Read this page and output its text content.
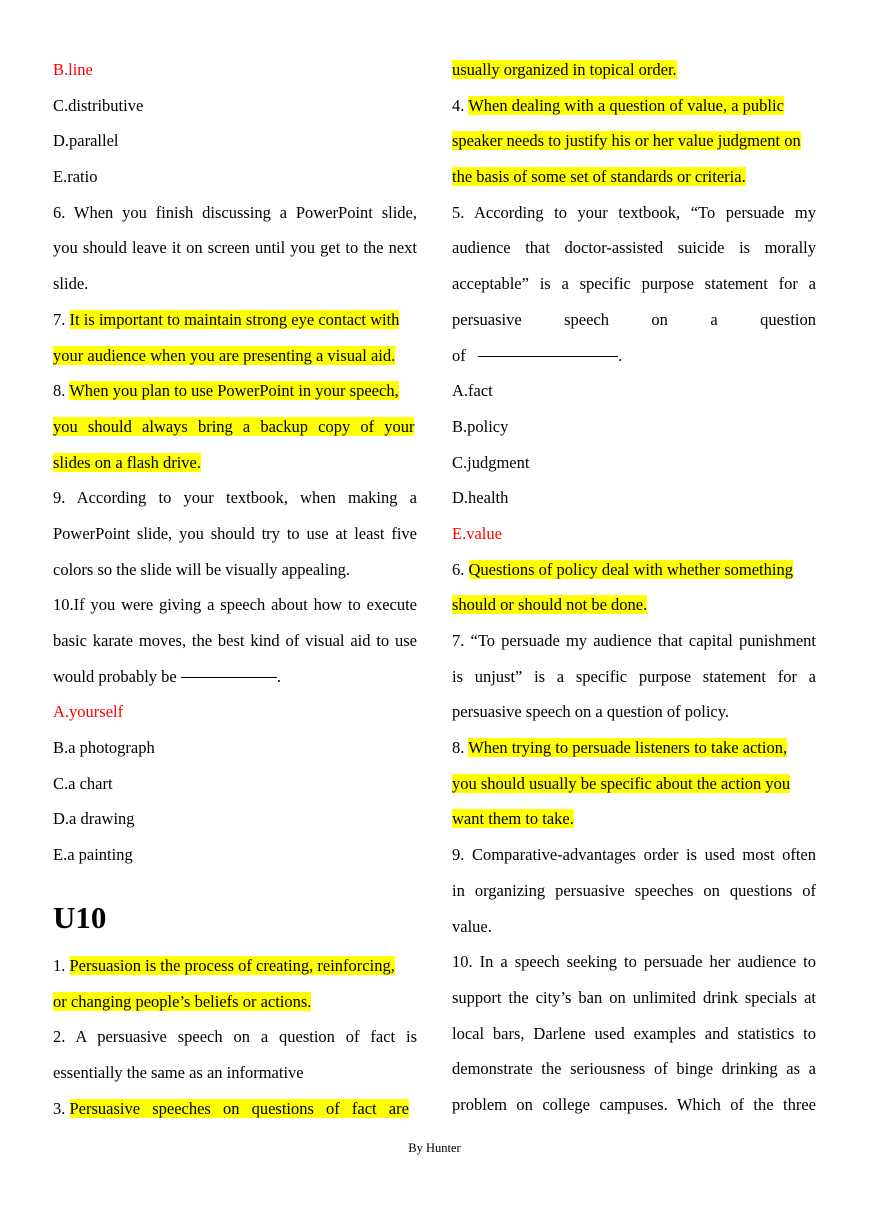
B.line
C.distributive
D.parallel
E.ratio
6. When you finish discussing a PowerPoint slide,
you should leave it on screen until you get to the next
slide.
7. It is important to maintain strong eye contact with
your audience when you are presenting a visual aid.
8. When you plan to use PowerPoint in your speech,
you should always bring a backup copy of your
slides on a flash drive.
9. According to your textbook, when making a
PowerPoint slide, you should try to use at least five
colors so the slide will be visually appealing.
10.If you were giving a speech about how to execute
basic karate moves, the best kind of visual aid to use
would probably be	.
A.yourself
B.a photograph
C.a chart
D.a drawing
E.a painting
U10
1. Persuasion is the process of creating, reinforcing,
or changing people’s beliefs or actions.
2. A persuasive speech on a question of fact is
essentially the same as an informative
3. Persuasive speeches on questions of fact are
usually organized in topical order.
4. When dealing with a question of value, a public
speaker needs to justify his or her value judgment on
the basis of some set of standards or criteria.
5. According to your textbook, “To persuade my
audience that doctor-assisted suicide is morally
acceptable” is a specific purpose statement for a
persuasive speech on a question
of	.
A.fact
B.policy
C.judgment
D.health
E.value
6. Questions of policy deal with whether something
should or should not be done.
7. “To persuade my audience that capital punishment
is unjust” is a specific purpose statement for a
persuasive speech on a question of policy.
8. When trying to persuade listeners to take action,
you should usually be specific about the action you
want them to take.
9. Comparative-advantages order is used most often
in organizing persuasive speeches on questions of
value.
10. In a speech seeking to persuade her audience to
support the city’s ban on unlimited drink specials at
local bars, Darlene used examples and statistics to
demonstrate the seriousness of binge drinking as a
problem on college campuses. Which of the three
By Hunter
